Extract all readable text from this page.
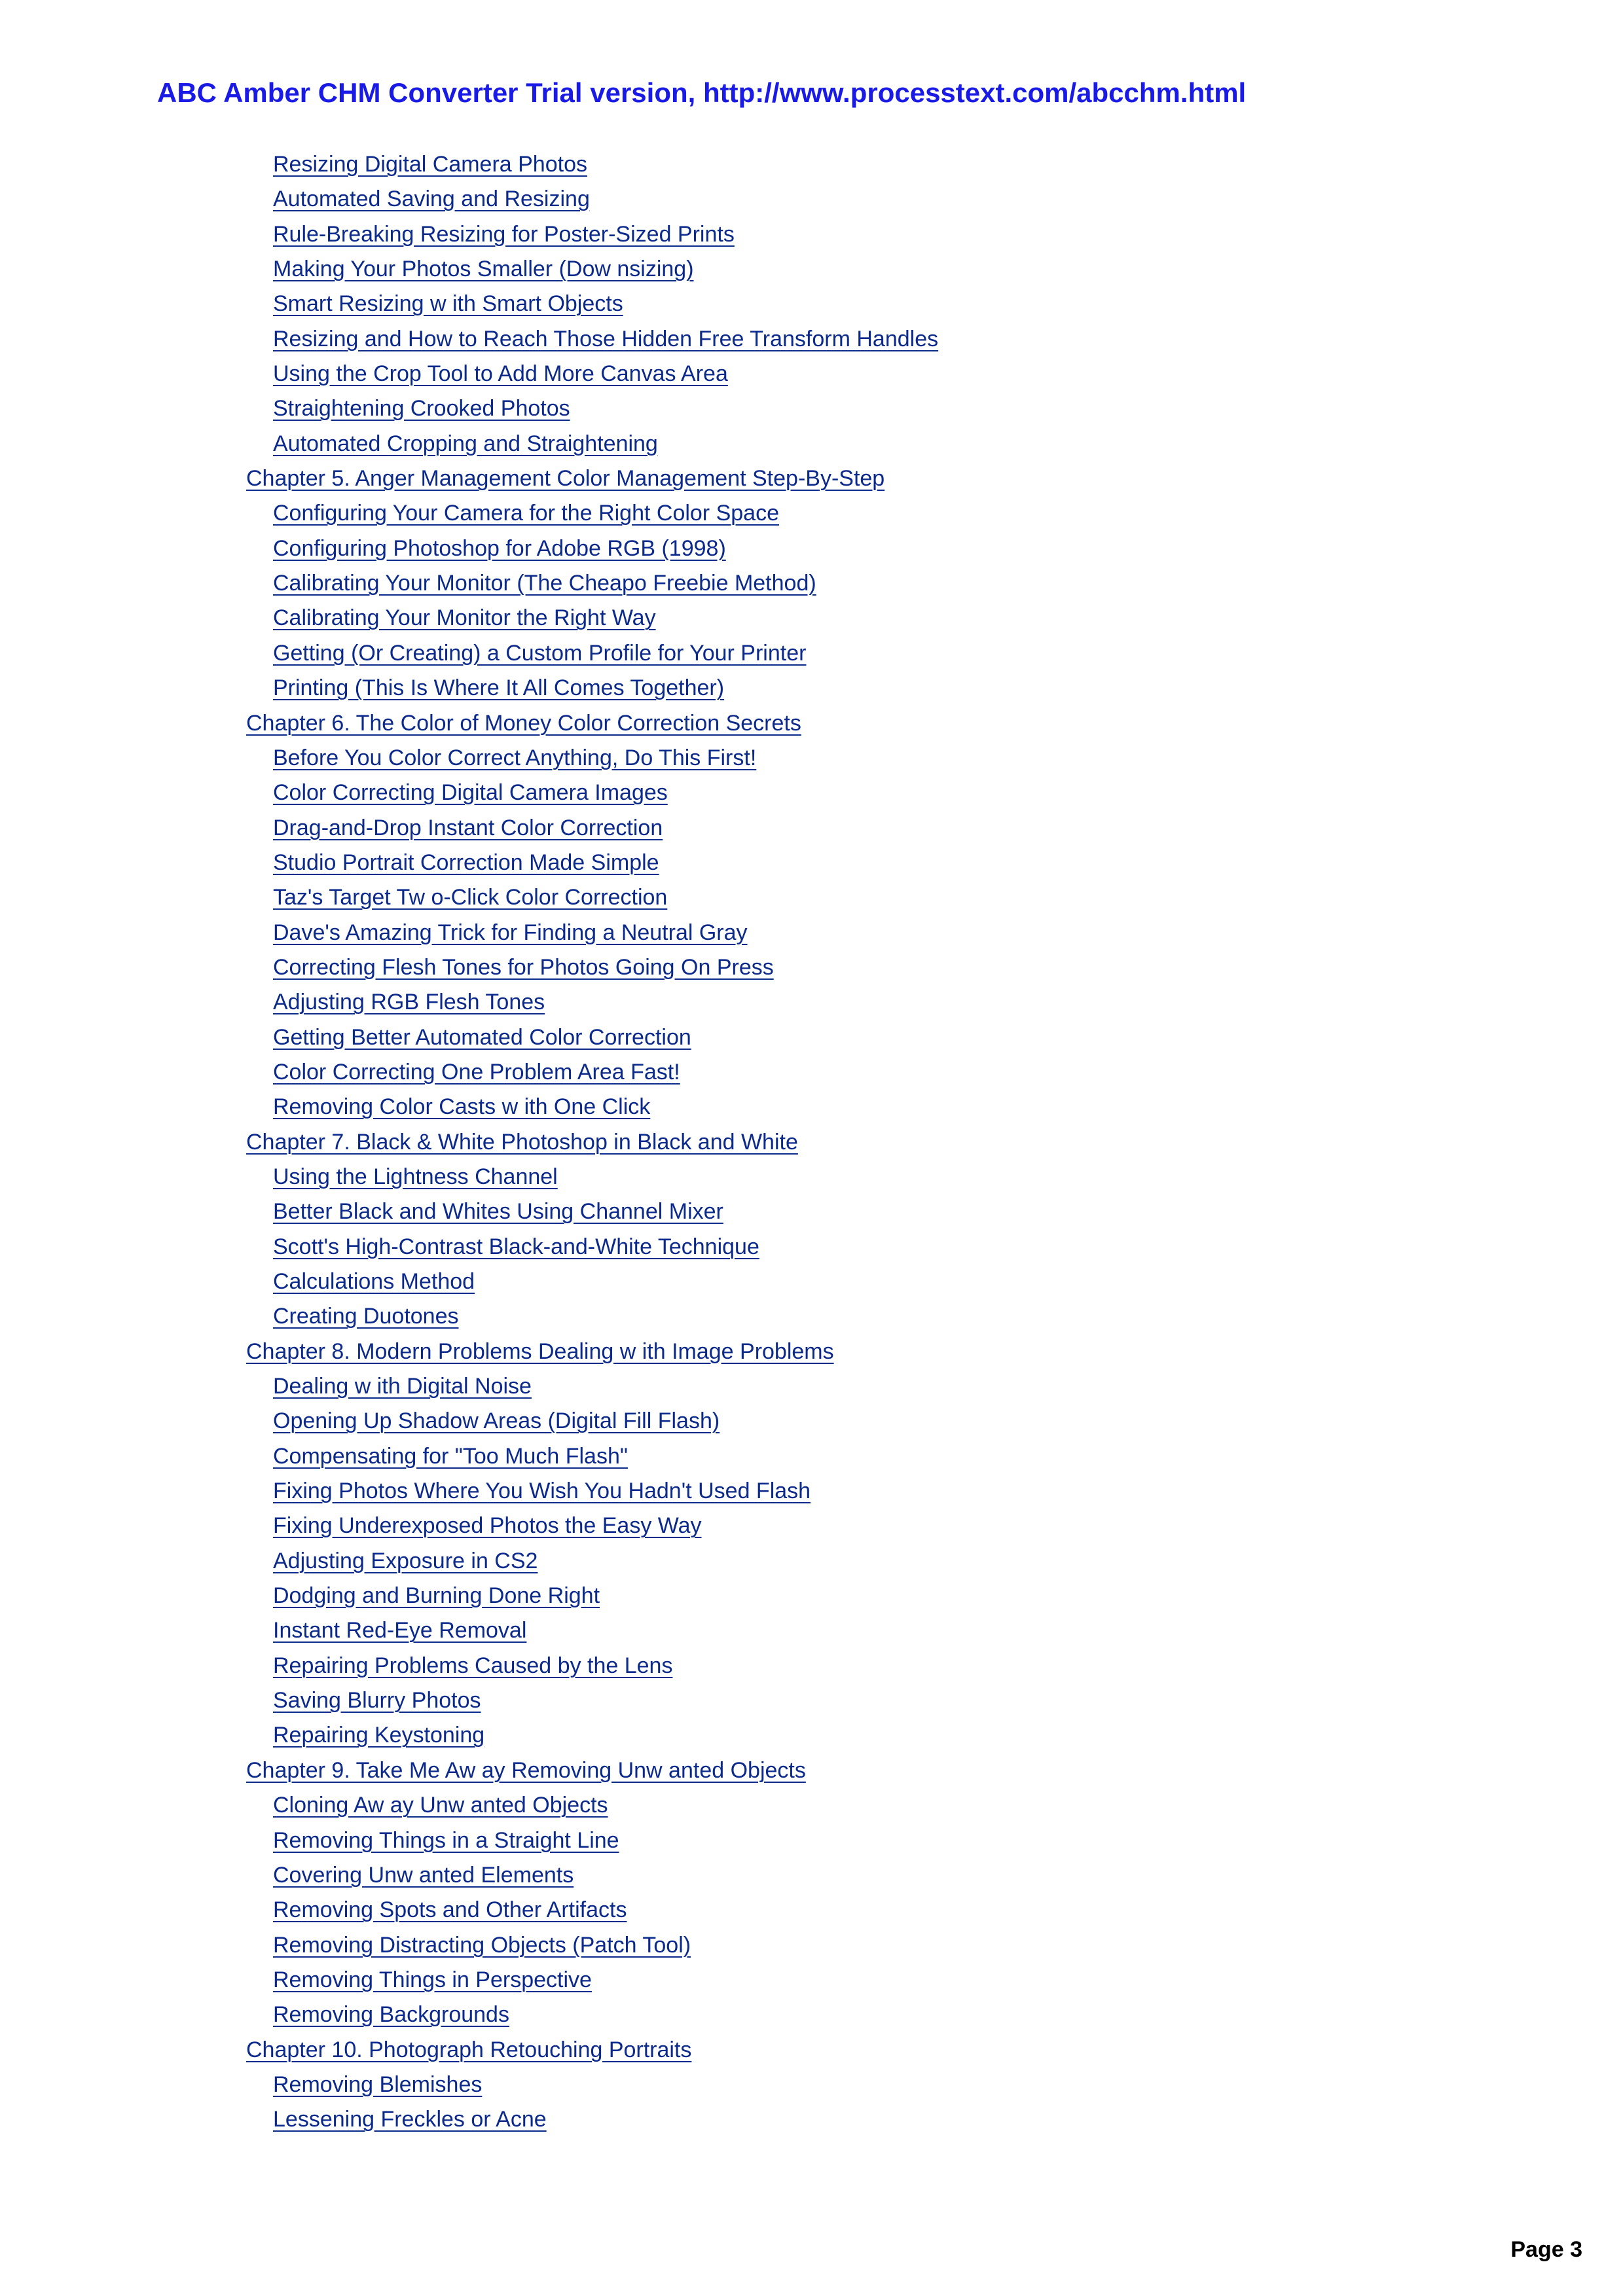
ABC Amber CHM Converter Trial version, http://www.processtext.com/abcchm.html
Resizing Digital Camera Photos
Automated Saving and Resizing
Rule-Breaking Resizing for Poster-Sized Prints
Making Your Photos Smaller (Dow nsizing)
Smart Resizing w ith Smart Objects
Resizing and How to Reach Those Hidden Free Transform Handles
Using the Crop Tool to Add More Canvas Area
Straightening Crooked Photos
Automated Cropping and Straightening
Chapter 5. Anger Management Color Management Step-By-Step
Configuring Your Camera for the Right Color Space
Configuring Photoshop for Adobe RGB (1998)
Calibrating Your Monitor (The Cheapo Freebie Method)
Calibrating Your Monitor the Right Way
Getting (Or Creating) a Custom Profile for Your Printer
Printing (This Is Where It All Comes Together)
Chapter 6. The Color of Money Color Correction Secrets
Before You Color Correct Anything, Do This First!
Color Correcting Digital Camera Images
Drag-and-Drop Instant Color Correction
Studio Portrait Correction Made Simple
Taz's Target Tw o-Click Color Correction
Dave's Amazing Trick for Finding a Neutral Gray
Correcting Flesh Tones for Photos Going On Press
Adjusting RGB Flesh Tones
Getting Better Automated Color Correction
Color Correcting One Problem Area Fast!
Removing Color Casts w ith One Click
Chapter 7. Black & White Photoshop in Black and White
Using the Lightness Channel
Better Black and Whites Using Channel Mixer
Scott's High-Contrast Black-and-White Technique
Calculations Method
Creating Duotones
Chapter 8. Modern Problems Dealing w ith Image Problems
Dealing w ith Digital Noise
Opening Up Shadow Areas (Digital Fill Flash)
Compensating for "Too Much Flash"
Fixing Photos Where You Wish You Hadn't Used Flash
Fixing Underexposed Photos the Easy Way
Adjusting Exposure in CS2
Dodging and Burning Done Right
Instant Red-Eye Removal
Repairing Problems Caused by the Lens
Saving Blurry Photos
Repairing Keystoning
Chapter 9. Take Me Aw ay Removing Unw anted Objects
Cloning Aw ay Unw anted Objects
Removing Things in a Straight Line
Covering Unw anted Elements
Removing Spots and Other Artifacts
Removing Distracting Objects (Patch Tool)
Removing Things in Perspective
Removing Backgrounds
Chapter 10. Photograph Retouching Portraits
Removing Blemishes
Lessening Freckles or Acne
Page 3
